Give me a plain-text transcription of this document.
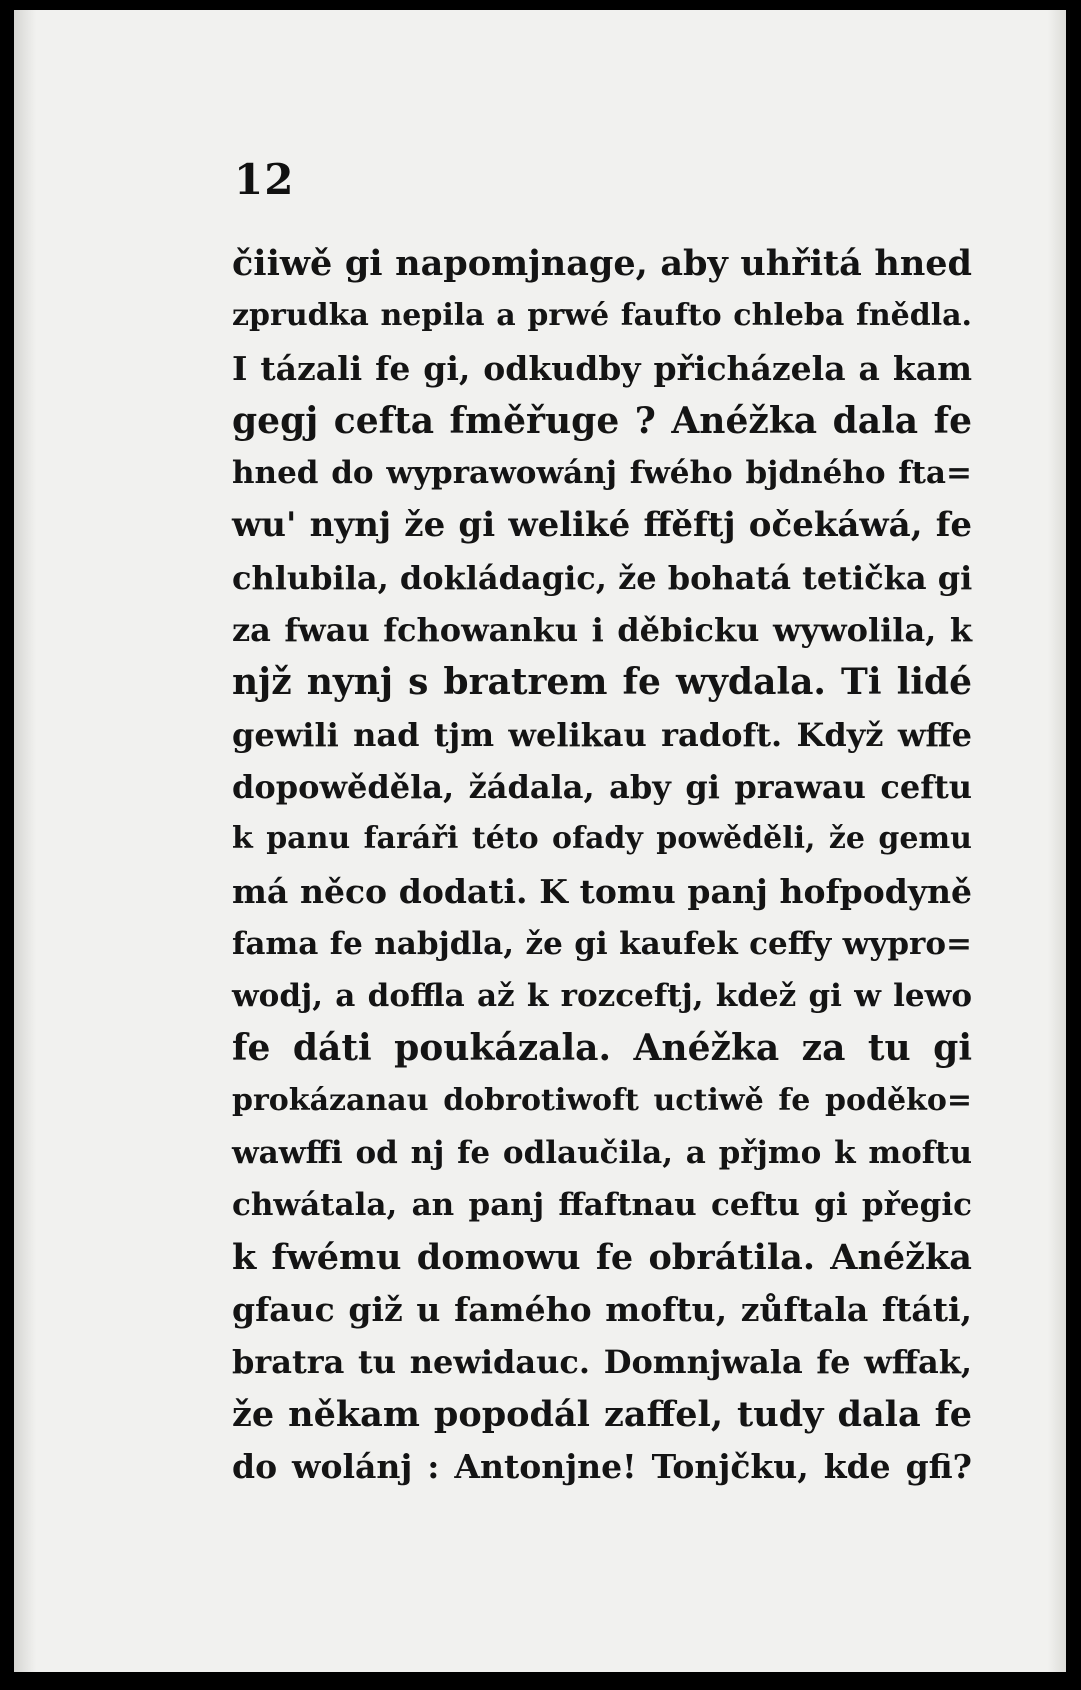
12
čiiwě gi napomjnage, aby uhřitá hned
zprudka nepila a prwé faufto chleba fnědla.
I tázali fe gi, odkudby přicházela a kam
gegj cefta fměřuge ? Anéžka dala fe
hned do wyprawowánj fwého bjdného fta=
wu' nynj že gi weliké ffěftj očekáwá, fe
chlubila, dokládagic, že bohatá tetička gi
za fwau fchowanku i děbicku wywolila, k
njž nynj s bratrem fe wydala. Ti lidé
gewili nad tjm welikau radoft. Když wffe
dopowěděla, žádala, aby gi prawau ceftu
k panu faráři této ofady powěděli, že gemu
má něco dodati. K tomu panj hofpodyně
fama fe nabjdla, že gi kaufek ceffy wypro=
wodj, a doffla až k rozceftj, kdež gi w lewo
fe dáti poukázala. Anéžka za tu gi
prokázanau dobrotiwoft uctiwě fe poděko=
wawffi od nj fe odlaučila, a přjmo k moftu
chwátala, an panj ffaftnau ceftu gi přegic
k fwému domowu fe obrátila. Anéžka
gfauc giž u faméhο moftu, zůftala ftáti,
bratra tu newidauc. Domnjwala fe wffak,
že někam popodál zaffel, tudy dala fe
do wolánj : Antonjne! Tonjčku, kde gfi?
